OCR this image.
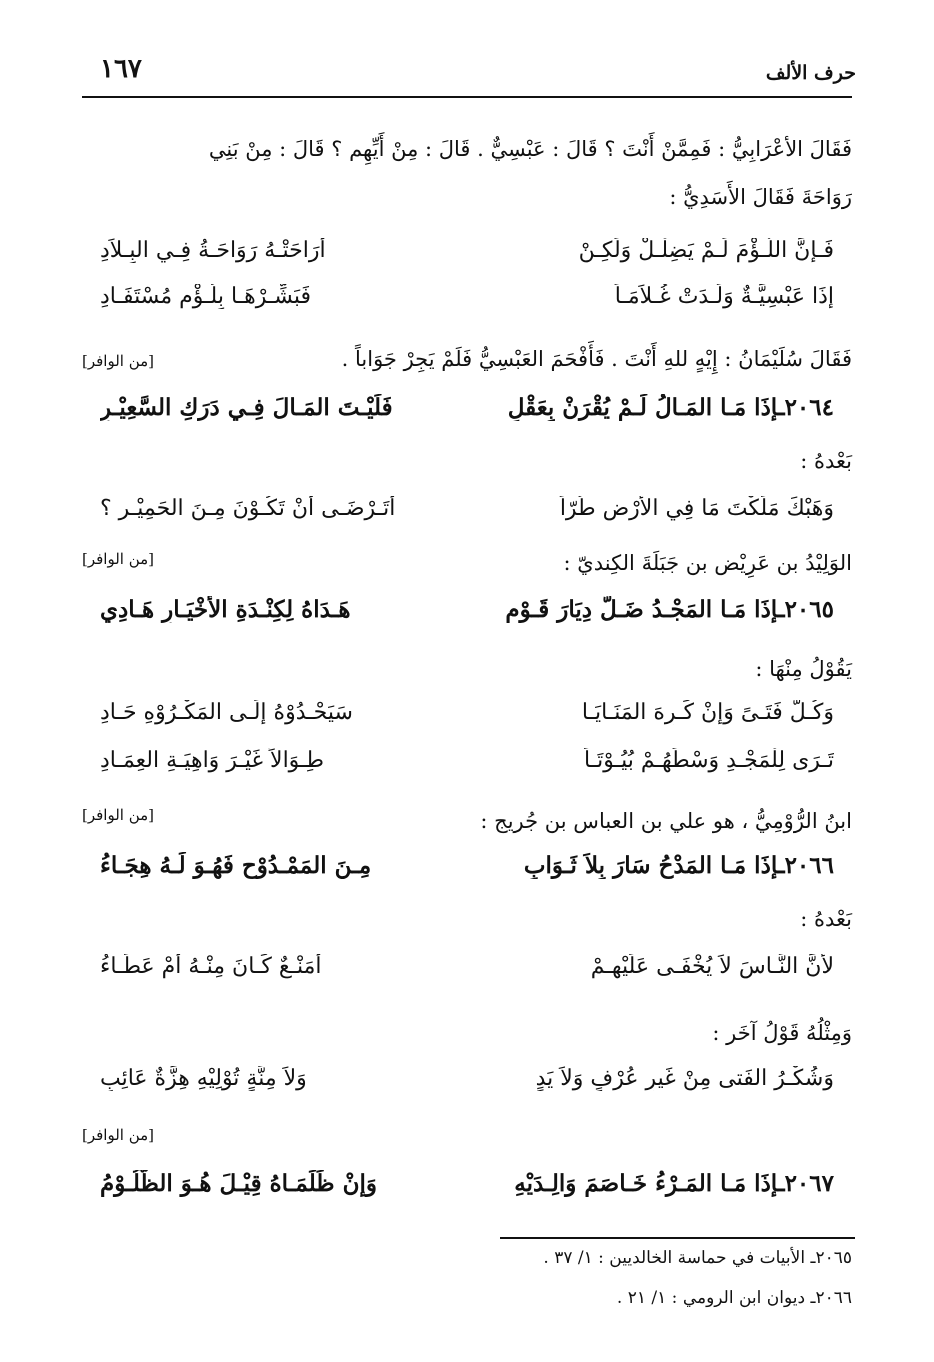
حرف الألف
١٦٧
فَقَالَ الأعْرَابِيُّ : فَمِمَّنْ أَنْتَ ؟ قَالَ : عَبْسِيٌّ . قَالَ : مِنْ أَيِّهِم ؟ قَالَ : مِنْ بَنِي
رَوَاحَةَ فَقَالَ الأَسَدِيُّ :
فَـإِنَّ اللُّـؤْمَ لَـمْ يَضِلْـلْ وَلَكِـنْ
أَرَاحَتْـهُ رَوَاحَـةُ فِـي البِـلاَدِ
إِذَا عَبْسِيَّـةٌ وَلَـدَتْ غُـلاَمَـاً
فَبَشِّـرْهَـا بِلُـؤْمٍ مُسْتَفَـادِ
فَقَالَ سُلَيْمَانُ : إِيْهٍ للهِ أَنْتَ . فَأَفْحَمَ العَبْسِيُّ فَلَمْ يَجِرْ جَوَاباً .
[من الوافر]
٢٠٦٤ـإِذَا مَـا المَـالُ لَـمْ يُقْرَنْ بِعَقْلٍ
فَلَيْـتَ المَـالَ فِـي دَرَكِ السَّعِيْـرِ
بَعْدهُ :
وَهَبْكَ مَلَكْتَ مَا فِي الأَرْضِ طُرّاً
أَتَـرْضَـى أَنْ تَكُـوْنَ مِـنَ الحَمِيْـرِ ؟
الوَلِيْدُ بن عَرِيْض بن جَبَلَةَ الكِنديّ :
[من الوافر]
٢٠٦٥ـإِذَا مَـا المَجْـدُ ضَـلَّ دِيَارَ قَـوْمٍ
هَـدَاهُ لِكِنْـدَةِ الأَخْيَـارِ هَـادِي
يَقُوْلُ مِنْهَا :
وَكُـلُّ فَتَـىً وَإِنْ كَـرِهَ المَنَـايَـا
سَيَحْـدُوْهُ إِلَـى المَكْـرُوْهِ حَـادِ
تَـرَى لِلْمَجْـدِ وَسْطَهُـمْ بُيُـوْتَـاً
طِـوَالاً غَيْـرَ وَاهِيَـةِ العِمَـادِ
ابنُ الرُّوْمِيُّ ، هو علي بن العباس بن جُريج :
[من الوافر]
٢٠٦٦ـإِذَا مَـا المَدْحُ سَارَ بِلاَ ثَـوَابٍ
مِـنَ المَمْـدُوْحِ فَهُـوَ لَـهُ هِجَـاءُ
بَعْدهُ :
لأَنَّ النَّـاسَ لاَ يُخْفَـى عَلَيْهِـمْ
أَمَنْـعٌ كَـانَ مِنْـهُ أَمْ عَطَـاءُ
وَمِثْلُهُ قَوْلُ آخَر :
وَشُكْـرُ الفَتى مِنْ غَيرِ عُرْفٍ وَلاَ يَدٍ
وَلاَ مِنَّةٍ تُوْلِيْهِ هِزَّةٌ عَائِبِ
[من الوافر]
٢٠٦٧ـإِذَا مَـا المَـرْءُ خَـاصَمَ وَالِـدَيْهِ
وَإِنْ ظَلَمَـاهُ قِيْـلَ هُـوَ الظَّلُـوْمُ
٢٠٦٥ـ الأبيات في حماسة الخالديين : ١/ ٣٧ .
٢٠٦٦ـ ديوان ابن الرومي : ١/ ٢١ .
